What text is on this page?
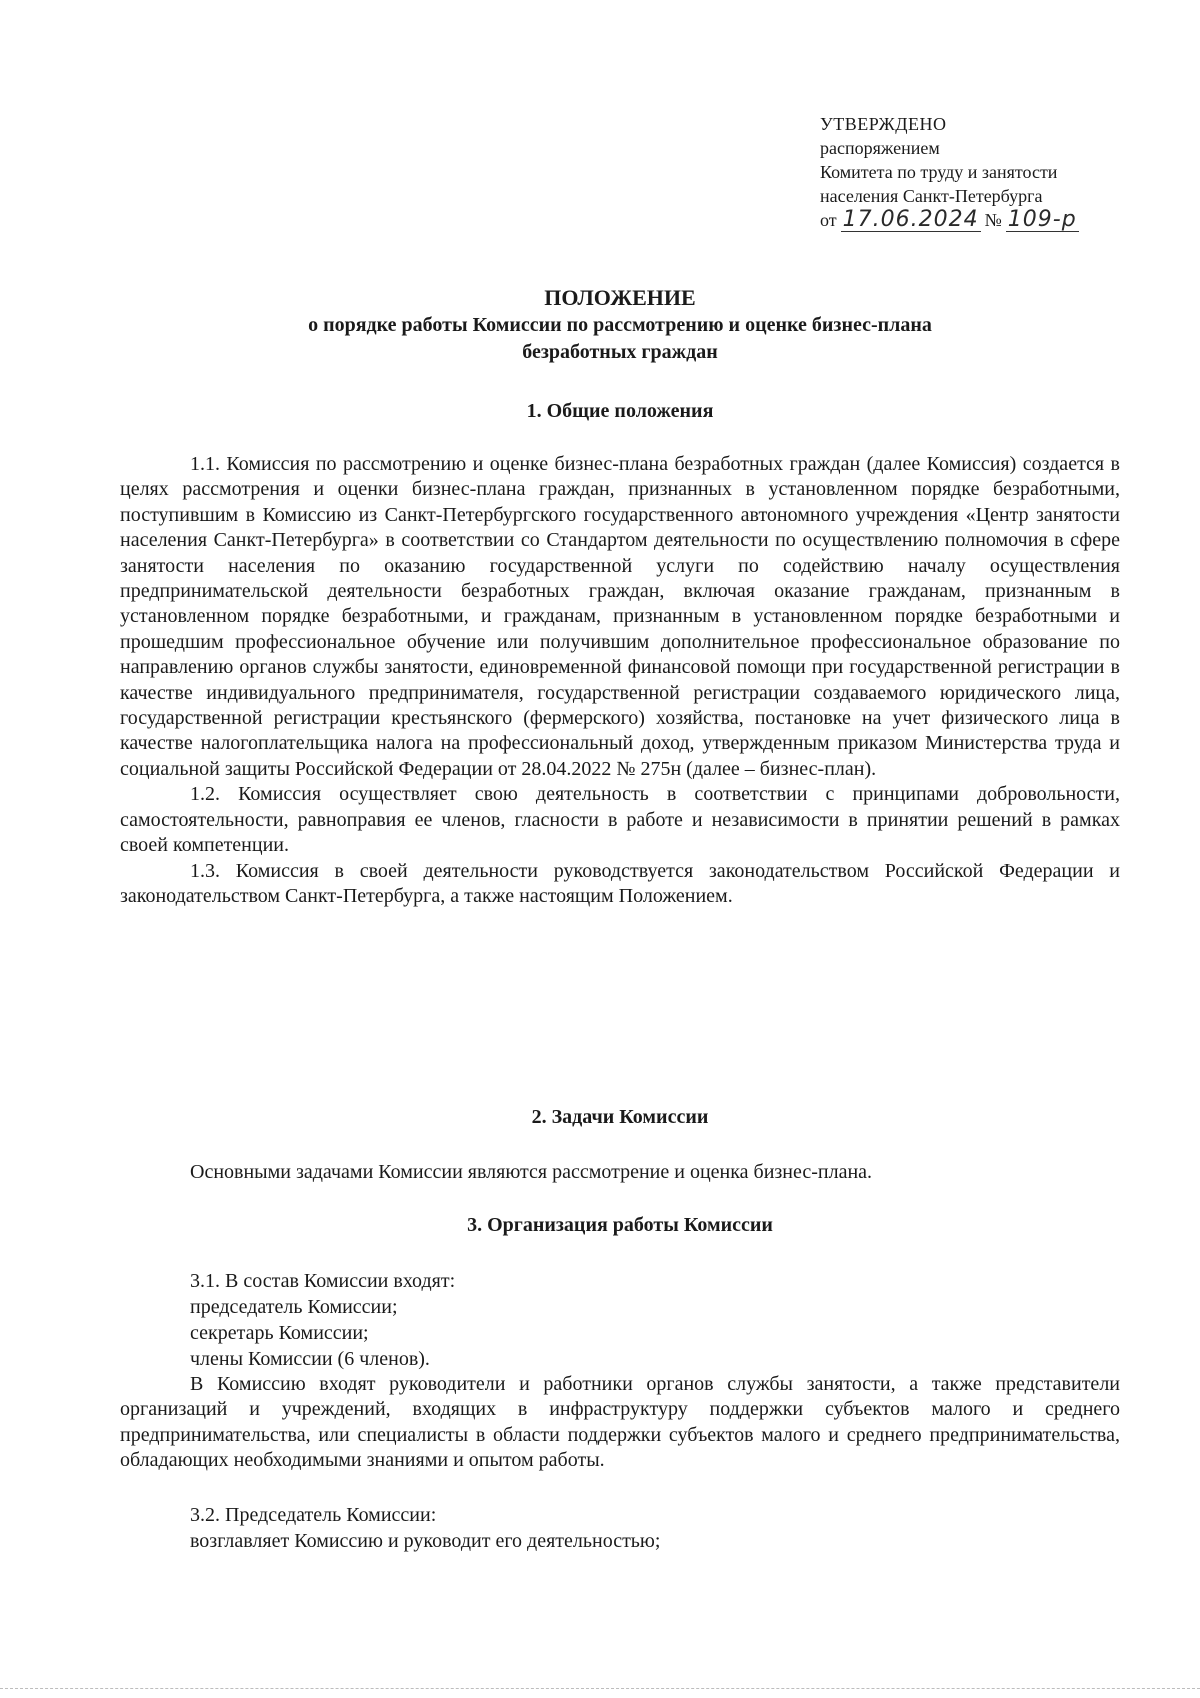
УТВЕРЖДЕНО
распоряжением
Комитета по труду и занятости
населения Санкт-Петербурга
от 17.06.2024 № 109-р
ПОЛОЖЕНИЕ
о порядке работы Комиссии по рассмотрению и оценке бизнес-плана
безработных граждан
1. Общие положения

1.1. Комиссия по рассмотрению и оценке бизнес-плана безработных граждан (далее Комиссия) создается в целях рассмотрения и оценки бизнес-плана граждан, признанных в установленном порядке безработными, поступившим в Комиссию из Санкт-Петербургского государственного автономного учреждения «Центр занятости населения Санкт-Петербурга» в соответствии со Стандартом деятельности по осуществлению полномочия в сфере занятости населения по оказанию государственной услуги по содействию началу осуществления предпринимательской деятельности безработных граждан, включая оказание гражданам, признанным в установленном порядке безработными, и гражданам, признанным в установленном порядке безработными и прошедшим профессиональное обучение или получившим дополнительное профессиональное образование по направлению органов службы занятости, единовременной финансовой помощи при государственной регистрации в качестве индивидуального предпринимателя, государственной регистрации создаваемого юридического лица, государственной регистрации крестьянского (фермерского) хозяйства, постановке на учет физического лица в качестве налогоплательщика налога на профессиональный доход, утвержденным приказом Министерства труда и социальной защиты Российской Федерации от 28.04.2022 № 275н (далее – бизнес-план).

1.2. Комиссия осуществляет свою деятельность в соответствии с принципами добровольности, самостоятельности, равноправия ее членов, гласности в работе и независимости в принятии решений в рамках своей компетенции.

1.3. Комиссия в своей деятельности руководствуется законодательством Российской Федерации и законодательством Санкт-Петербурга, а также настоящим Положением.

2. Задачи Комиссии

Основными задачами Комиссии являются рассмотрение и оценка бизнес-плана.

3. Организация работы Комиссии
3.1. В состав Комиссии входят:
председатель Комиссии;
секретарь Комиссии;
члены Комиссии (6 членов).

В Комиссию входят руководители и работники органов службы занятости, а также представители организаций и учреждений, входящих в инфраструктуру поддержки субъектов малого и среднего предпринимательства, или специалисты в области поддержки субъектов малого и среднего предпринимательства, обладающих необходимыми знаниями и опытом работы.

3.2. Председатель Комиссии:
возглавляет Комиссию и руководит его деятельностью;
